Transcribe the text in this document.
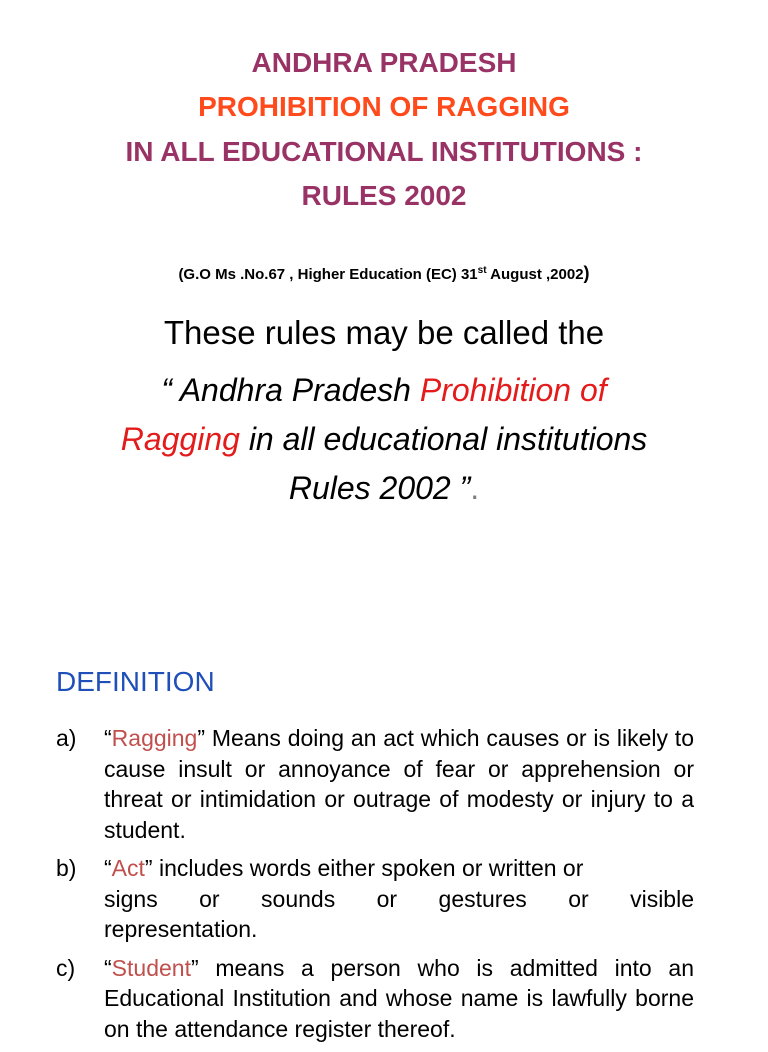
ANDHRA PRADESH
PROHIBITION OF RAGGING
IN ALL EDUCATIONAL INSTITUTIONS :
RULES 2002
(G.O Ms .No.67 , Higher Education (EC) 31st August ,2002)
These rules may be called the
“ Andhra Pradesh Prohibition of
Ragging in all educational institutions
Rules 2002 ”.
DEFINITION
a) “Ragging” Means doing an act which causes or is likely to cause insult or annoyance of fear or apprehension or threat or intimidation or outrage of modesty or injury to a student.
b) “Act” includes words either spoken or written or
signs or sounds or gestures or visible
representation.
c) “Student” means a person who is admitted into an Educational Institution and whose name is lawfully borne on the attendance register thereof.
